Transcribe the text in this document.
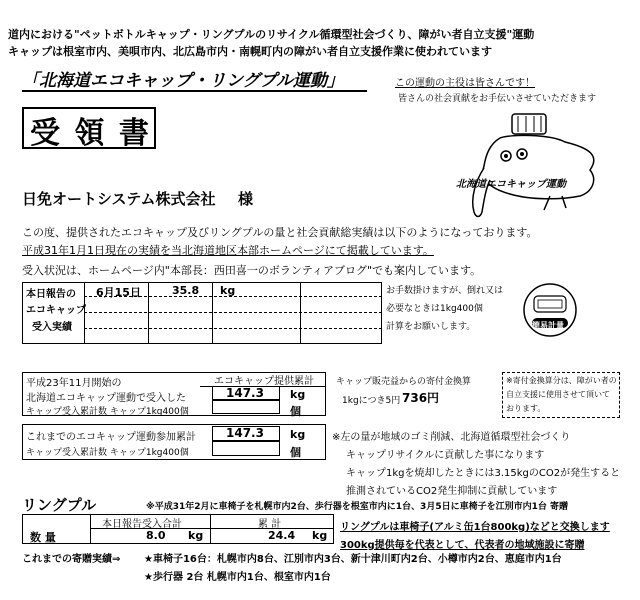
道内における"ペットボトルキャップ・リングプルのリサイクル循環型社会づくり、障がい者自立支援"運動
キャップは根室市内、美唄市内、北広島市内・南幌町内の障がい者自立支援作業に使われています
「北海道エコキャップ・リングプル運動」	この運動の主役は皆さんです！
皆さんの社会貢献をお手伝いさせていただきます
北海道エコキャップ運動
受 領 書
日免オートシステム株式会社 様
この度、提供されたエコキャップ及びリングプルの量と社会貢献総実績は以下のようになっております。
平成31年1月1日現在の実績を当北海道地区本部ホームページにて掲載しています。
受入状況は、ホームページ内"本部長：西田喜一のボランティアブログ"でも案内しています。
本日報告の
エコキャップ
受入実績
6月15日	35.8 kg	お手数掛けますが、倒れ又は
必要なときは1kg400個
計算をお願いします。	簡易計量
平成23年11月開始の
北海道エコキャップ運動で受入した
キャップ受入累計数 キャップ1kg400個
エコキャップ提供累計
147.3 kg
個
キャップ販売益からの寄付金換算
1kgにつき5円 736円
※寄付金換算分は、障がい者の
自立支援に使用させて頂いて
おります。
これまでのエコキャップ運動参加累計
キャップ受入累計数 キャップ1kg400個
147.3 kg
個
※左の量が地域のゴミ削減、北海道循環型社会づくり
キャップリサイクルに貢献した事になります
キャップ1kgを焼却したときには3.15kgのCO2が発生すると
推測されているCO2発生抑制に貢献しています
リングプル	※平成31年2月に車椅子を札幌市内2台、歩行器を根室市内に1台、3月5日に車椅子を江別市内1台 寄贈
リングプルは車椅子(アルミ缶1台800kg)などと交換します
300kg提供毎を代表として、代表者の地域施設に寄贈
本日報告受入合計	累 計
数 量	8.0 kg	24.4 kg
これまでの寄贈実績⇒ ★車椅子16台：札幌市内8台、江別市内3台、新十津川町内2台、小樽市内2台、恵庭市内1台
★歩行器 2台 札幌市内1台、根室市内1台
